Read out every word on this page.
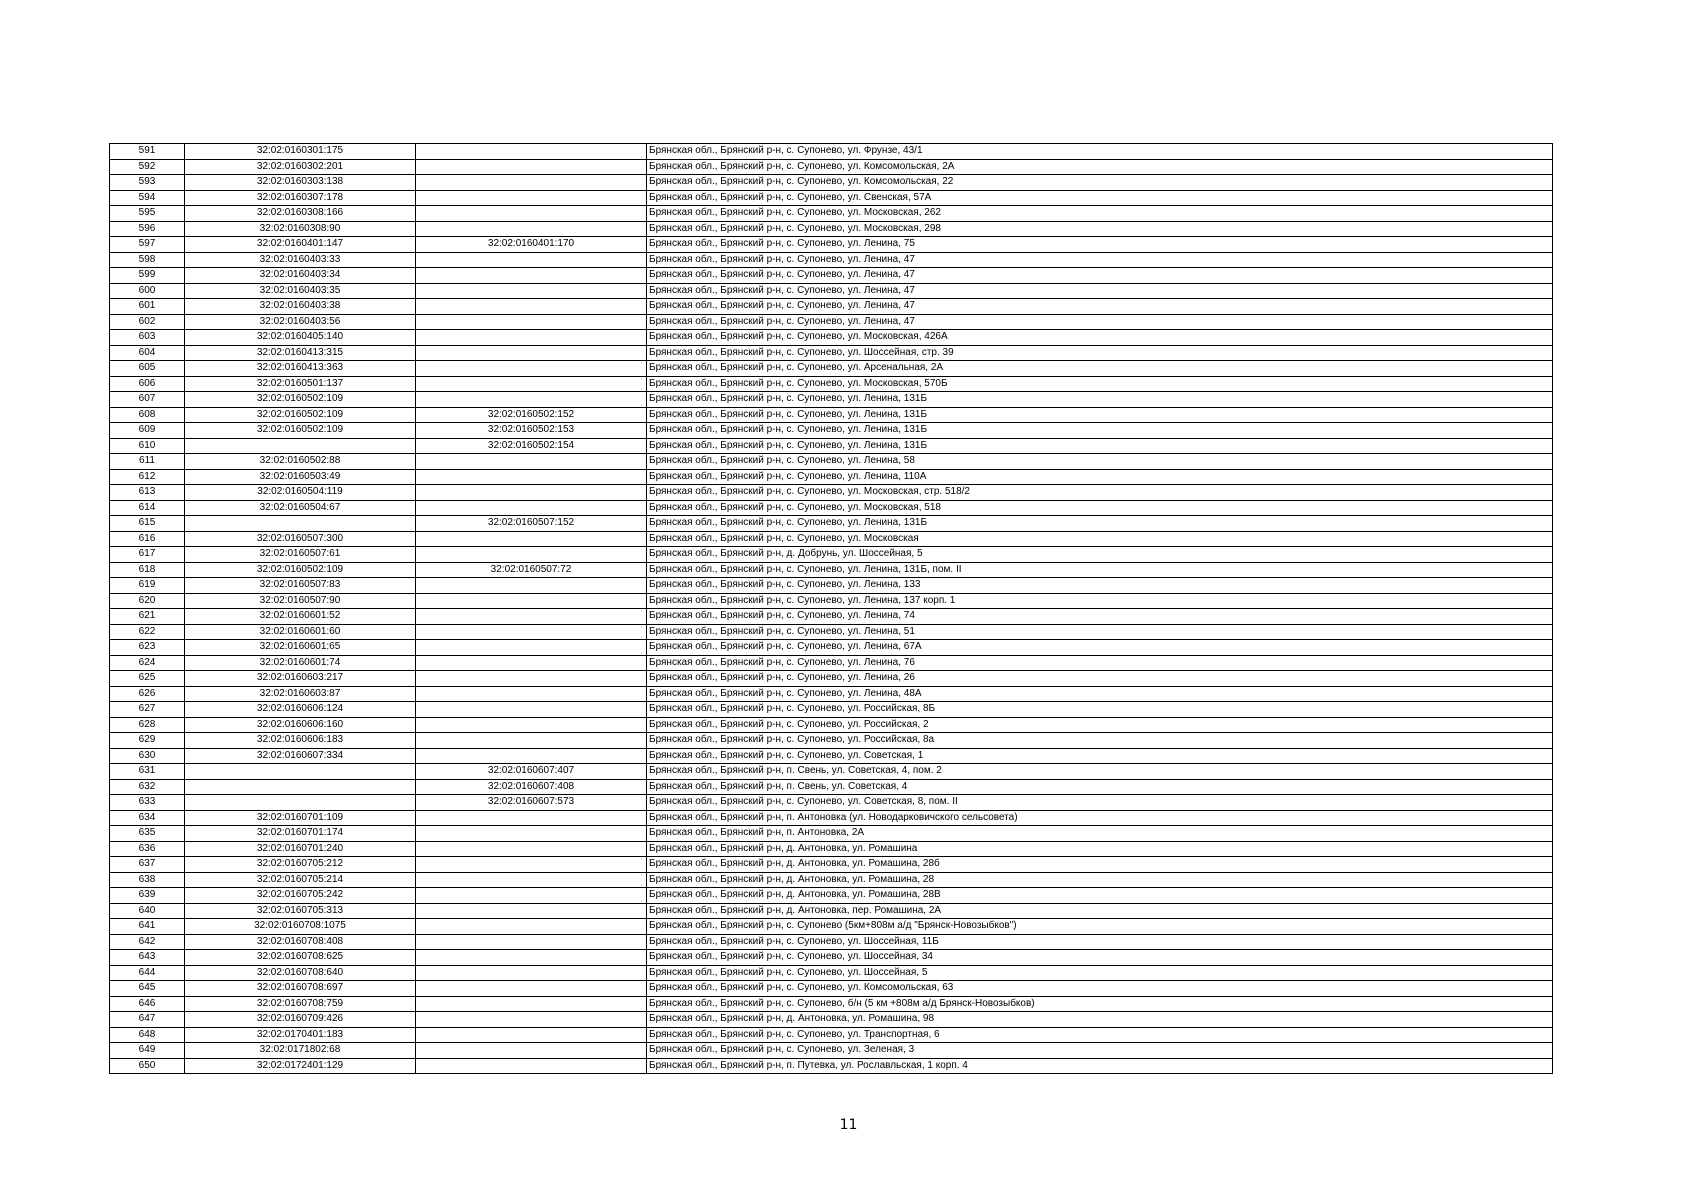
591	32:02:0160301:175		Брянская обл., Брянский р-н, с. Супонево, ул. Фрунзе, 43/1
592	32:02:0160302:201		Брянская обл., Брянский р-н, с. Супонево, ул. Комсомольская, 2А
593	32:02:0160303:138		Брянская обл., Брянский р-н, с. Супонево, ул. Комсомольская, 22
594	32:02:0160307:178		Брянская обл., Брянский р-н, с. Супонево, ул. Свенская, 57А
595	32:02:0160308:166		Брянская обл., Брянский р-н, с. Супонево, ул. Московская, 262
596	32:02:0160308:90		Брянская обл., Брянский р-н, с. Супонево, ул. Московская, 298
597	32:02:0160401:147	32:02:0160401:170	Брянская обл., Брянский р-н, с. Супонево, ул. Ленина, 75
598	32:02:0160403:33		Брянская обл., Брянский р-н, с. Супонево, ул. Ленина, 47
599	32:02:0160403:34		Брянская обл., Брянский р-н, с. Супонево, ул. Ленина, 47
600	32:02:0160403:35		Брянская обл., Брянский р-н, с. Супонево, ул. Ленина, 47
601	32:02:0160403:38		Брянская обл., Брянский р-н, с. Супонево, ул. Ленина, 47
602	32:02:0160403:56		Брянская обл., Брянский р-н, с. Супонево, ул. Ленина, 47
603	32:02:0160405:140		Брянская обл., Брянский р-н, с. Супонево, ул. Московская, 426А
604	32:02:0160413:315		Брянская обл., Брянский р-н, с. Супонево, ул. Шоссейная, стр. 39
605	32:02:0160413:363		Брянская обл., Брянский р-н, с. Супонево, ул. Арсенальная, 2А
606	32:02:0160501:137		Брянская обл., Брянский р-н, с. Супонево, ул. Московская, 570Б
607	32:02:0160502:109		Брянская обл., Брянский р-н, с. Супонево, ул. Ленина, 131Б
608	32:02:0160502:109	32:02:0160502:152	Брянская обл., Брянский р-н, с. Супонево, ул. Ленина, 131Б
609	32:02:0160502:109	32:02:0160502:153	Брянская обл., Брянский р-н, с. Супонево, ул. Ленина, 131Б
610		32:02:0160502:154	Брянская обл., Брянский р-н, с. Супонево, ул. Ленина, 131Б
611	32:02:0160502:88		Брянская обл., Брянский р-н, с. Супонево, ул. Ленина, 58
612	32:02:0160503:49		Брянская обл., Брянский р-н, с. Супонево, ул. Ленина, 110А
613	32:02:0160504:119		Брянская обл., Брянский р-н, с. Супонево, ул. Московская, стр. 518/2
614	32:02:0160504:67		Брянская обл., Брянский р-н, с. Супонево, ул. Московская, 518
615		32:02:0160507:152	Брянская обл., Брянский р-н, с. Супонево, ул. Ленина, 131Б
616	32:02:0160507:300		Брянская обл., Брянский р-н, с. Супонево, ул. Московская
617	32:02:0160507:61		Брянская обл., Брянский р-н, д. Добрунь, ул. Шоссейная, 5
618	32:02:0160502:109	32:02:0160507:72	Брянская обл., Брянский р-н, с. Супонево, ул. Ленина, 131Б, пом. II
619	32:02:0160507:83		Брянская обл., Брянский р-н, с. Супонево, ул. Ленина, 133
620	32:02:0160507:90		Брянская обл., Брянский р-н, с. Супонево, ул. Ленина, 137 корп. 1
621	32:02:0160601:52		Брянская обл., Брянский р-н, с. Супонево, ул. Ленина, 74
622	32:02:0160601:60		Брянская обл., Брянский р-н, с. Супонево, ул. Ленина, 51
623	32:02:0160601:65		Брянская обл., Брянский р-н, с. Супонево, ул. Ленина, 67А
624	32:02:0160601:74		Брянская обл., Брянский р-н, с. Супонево, ул. Ленина, 76
625	32:02:0160603:217		Брянская обл., Брянский р-н, с. Супонево, ул. Ленина, 26
626	32:02:0160603:87		Брянская обл., Брянский р-н, с. Супонево, ул. Ленина, 48А
627	32:02:0160606:124		Брянская обл., Брянский р-н, с. Супонево, ул. Российская, 8Б
628	32:02:0160606:160		Брянская обл., Брянский р-н, с. Супонево, ул. Российская, 2
629	32:02:0160606:183		Брянская обл., Брянский р-н, с. Супонево, ул. Российская, 8а
630	32:02:0160607:334		Брянская обл., Брянский р-н, с. Супонево, ул. Советская, 1
631		32:02:0160607:407	Брянская обл., Брянский р-н, п. Свень, ул. Советская, 4, пом. 2
632		32:02:0160607:408	Брянская обл., Брянский р-н, п. Свень, ул. Советская, 4
633		32:02:0160607:573	Брянская обл., Брянский р-н, с. Супонево, ул. Советская, 8, пом. II
634	32:02:0160701:109		Брянская обл., Брянский р-н, п. Антоновка (ул. Новодарковичского сельсовета)
635	32:02:0160701:174		Брянская обл., Брянский р-н, п. Антоновка, 2А
636	32:02:0160701:240		Брянская обл., Брянский р-н, д. Антоновка, ул. Ромашина
637	32:02:0160705:212		Брянская обл., Брянский р-н, д. Антоновка, ул. Ромашина, 28б
638	32:02:0160705:214		Брянская обл., Брянский р-н, д. Антоновка, ул. Ромашина, 28
639	32:02:0160705:242		Брянская обл., Брянский р-н, д. Антоновка, ул. Ромашина, 28В
640	32:02:0160705:313		Брянская обл., Брянский р-н, д. Антоновка, пер. Ромашина, 2А
641	32:02:0160708:1075		Брянская обл., Брянский р-н, с. Супонево (5км+808м а/д "Брянск-Новозыбков")
642	32:02:0160708:408		Брянская обл., Брянский р-н, с. Супонево, ул. Шоссейная, 11Б
643	32:02:0160708:625		Брянская обл., Брянский р-н, с. Супонево, ул. Шоссейная, 34
644	32:02:0160708:640		Брянская обл., Брянский р-н, с. Супонево, ул. Шоссейная, 5
645	32:02:0160708:697		Брянская обл., Брянский р-н, с. Супонево, ул. Комсомольская, 63
646	32:02:0160708:759		Брянская обл., Брянский р-н, с. Супонево, б/н (5 км +808м а/д Брянск-Новозыбков)
647	32:02:0160709:426		Брянская обл., Брянский р-н, д. Антоновка, ул. Ромашина, 98
648	32:02:0170401:183		Брянская обл., Брянский р-н, с. Супонево, ул. Транспортная, 6
649	32:02:0171802:68		Брянская обл., Брянский р-н, с. Супонево, ул. Зеленая, 3
650	32:02:0172401:129		Брянская обл., Брянский р-н, п. Путевка, ул. Рославльская, 1 корп. 4
11
